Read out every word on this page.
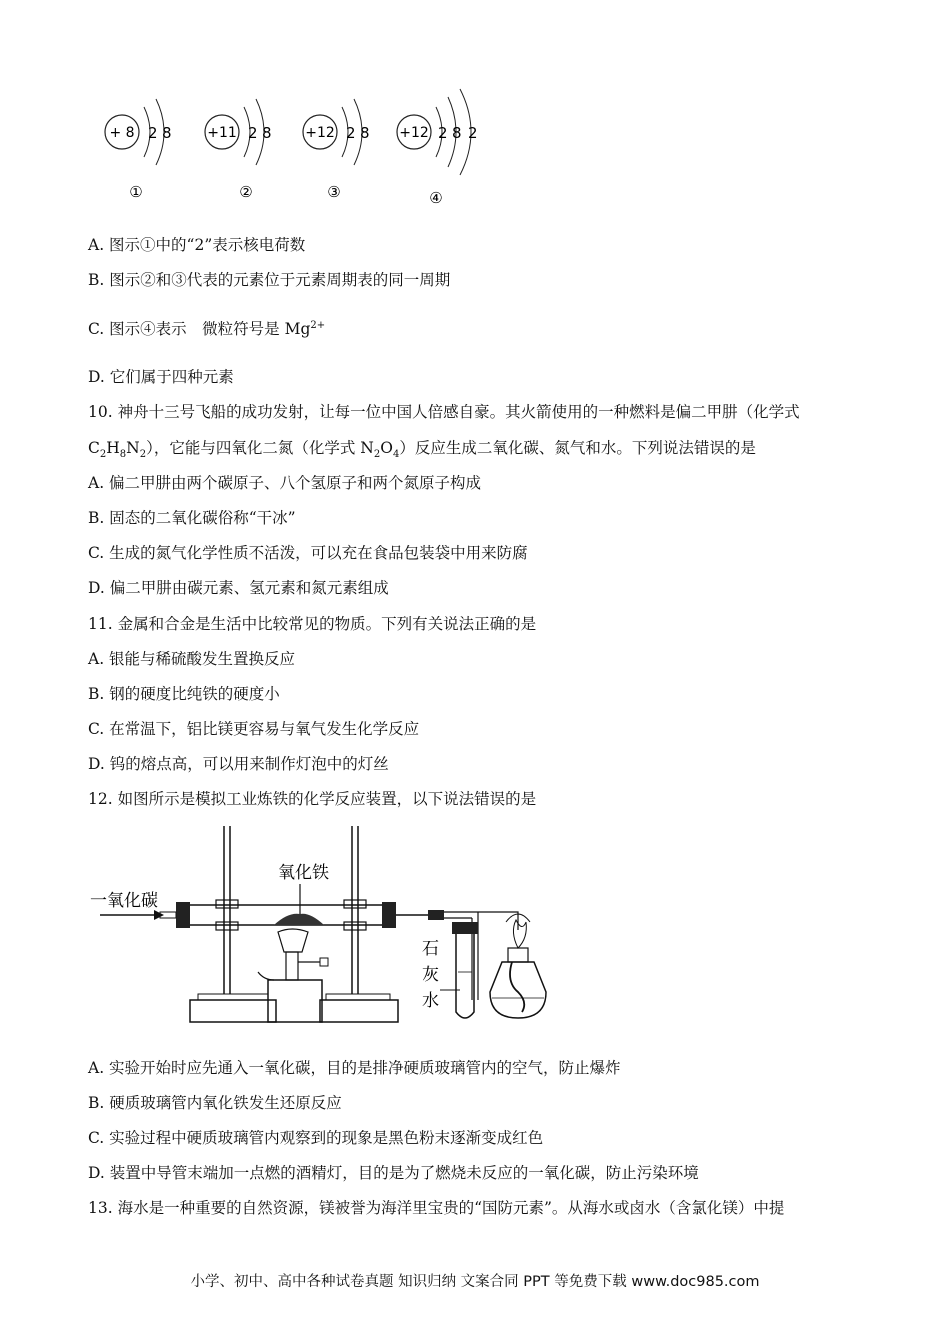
+ 8 2 8
①
+11 2 8
②
+12 2 8
③
+12 2 8 2
④
A. 图示①中的“2”表示核电荷数
B. 图示②和③代表的元素位于元素周期表的同一周期
C. 图示④表示　微粒符号是 $Mg^{2+}$
D. 它们属于四种元素
10. 神舟十三号飞船的成功发射，让每一位中国人倍感自豪。其火箭使用的一种燃料是偏二甲肼（化学式
$C_2H_8N_2$），它能与四氧化二氮（化学式 $N_2O_4$）反应生成二氧化碳、氮气和水。下列说法错误的是
A. 偏二甲肼由两个碳原子、八个氢原子和两个氮原子构成
B. 固态的二氧化碳俗称“干冰”
C. 生成的氮气化学性质不活泼，可以充在食品包装袋中用来防腐
D. 偏二甲肼由碳元素、氢元素和氮元素组成
11. 金属和合金是生活中比较常见的物质。下列有关说法正确的是
A. 银能与稀硫酸发生置换反应
B. 钢的硬度比纯铁的硬度小
C. 在常温下，铝比镁更容易与氧气发生化学反应
D. 钨的熔点高，可以用来制作灯泡中的灯丝
12. 如图所示是模拟工业炼铁的化学反应装置，以下说法错误的是
一氧化碳
氧化铁
石
灰
水
A. 实验开始时应先通入一氧化碳，目的是排净硬质玻璃管内的空气，防止爆炸
B. 硬质玻璃管内氧化铁发生还原反应
C. 实验过程中硬质玻璃管内观察到的现象是黑色粉末逐渐变成红色
D. 装置中导管末端加一点燃的酒精灯，目的是为了燃烧未反应的一氧化碳，防止污染环境
13. 海水是一种重要的自然资源，镁被誉为海洋里宝贵的“国防元素”。从海水或卤水（含氯化镁）中提
小学、初中、高中各种试卷真题 知识归纳 文案合同 PPT 等免费下载 www.doc985.com
